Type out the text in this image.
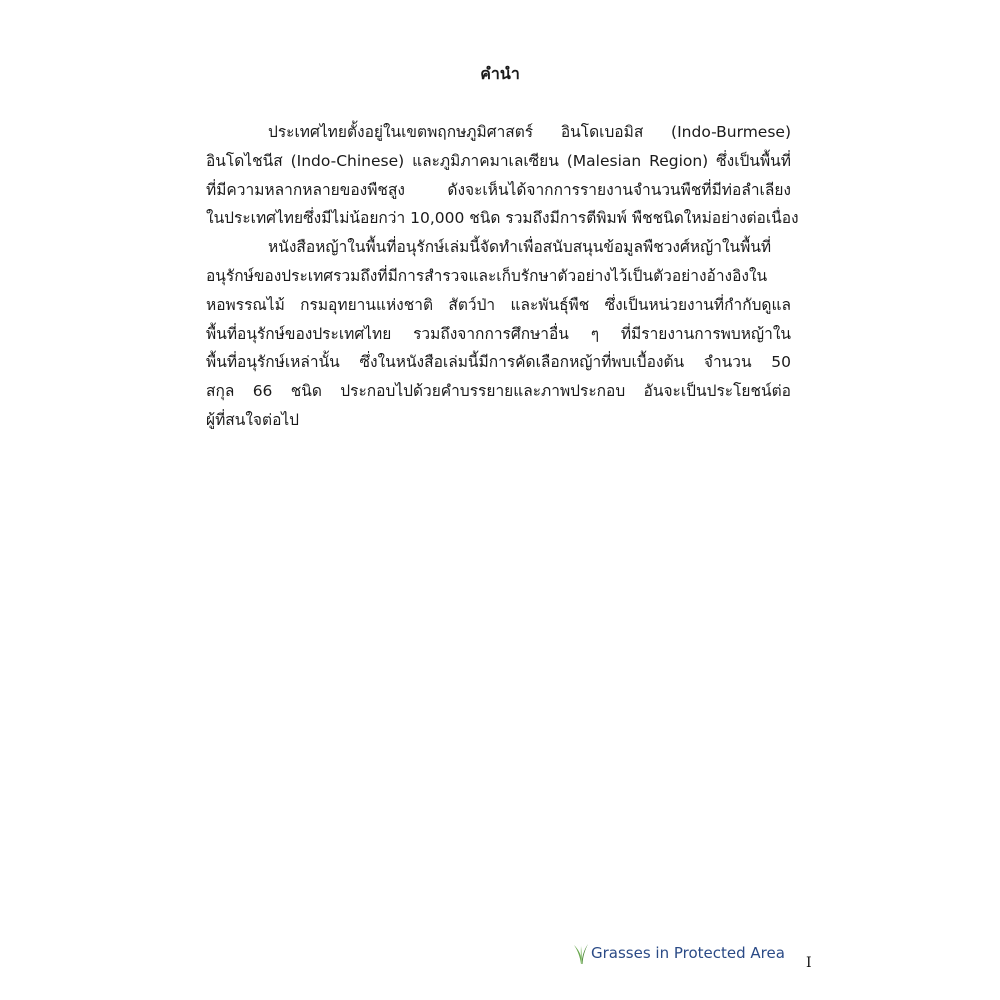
คำนำ
ประเทศไทยตั้งอยู่ในเขตพฤกษภูมิศาสตร์ อินโดเบอมิส (Indo-Burmese)
อินโดไชนีส (Indo-Chinese) และภูมิภาคมาเลเซียน (Malesian Region) ซึ่งเป็นพื้นที่
ที่มีความหลากหลายของพืชสูง ดังจะเห็นได้จากการรายงานจำนวนพืชที่มีท่อลำเลียง
ในประเทศไทยซึ่งมีไม่น้อยกว่า 10,000 ชนิด รวมถึงมีการตีพิมพ์ พืชชนิดใหม่อย่างต่อเนื่อง
หนังสือหญ้าในพื้นที่อนุรักษ์เล่มนี้จัดทำเพื่อสนับสนุนข้อมูลพืชวงศ์หญ้าในพื้นที่
อนุรักษ์ของประเทศรวมถึงที่มีการสำรวจและเก็บรักษาตัวอย่างไว้เป็นตัวอย่างอ้างอิงใน
หอพรรณไม้ กรมอุทยานแห่งชาติ สัตว์ป่า และพันธุ์พืช ซึ่งเป็นหน่วยงานที่กำกับดูแล
พื้นที่อนุรักษ์ของประเทศไทย รวมถึงจากการศึกษาอื่น ๆ ที่มีรายงานการพบหญ้าใน
พื้นที่อนุรักษ์เหล่านั้น ซึ่งในหนังสือเล่มนี้มีการคัดเลือกหญ้าที่พบเบื้องต้น จำนวน 50
สกุล 66 ชนิด ประกอบไปด้วยคำบรรยายและภาพประกอบ อันจะเป็นประโยชน์ต่อ
ผู้ที่สนใจต่อไป
Grasses in Protected Area
I
